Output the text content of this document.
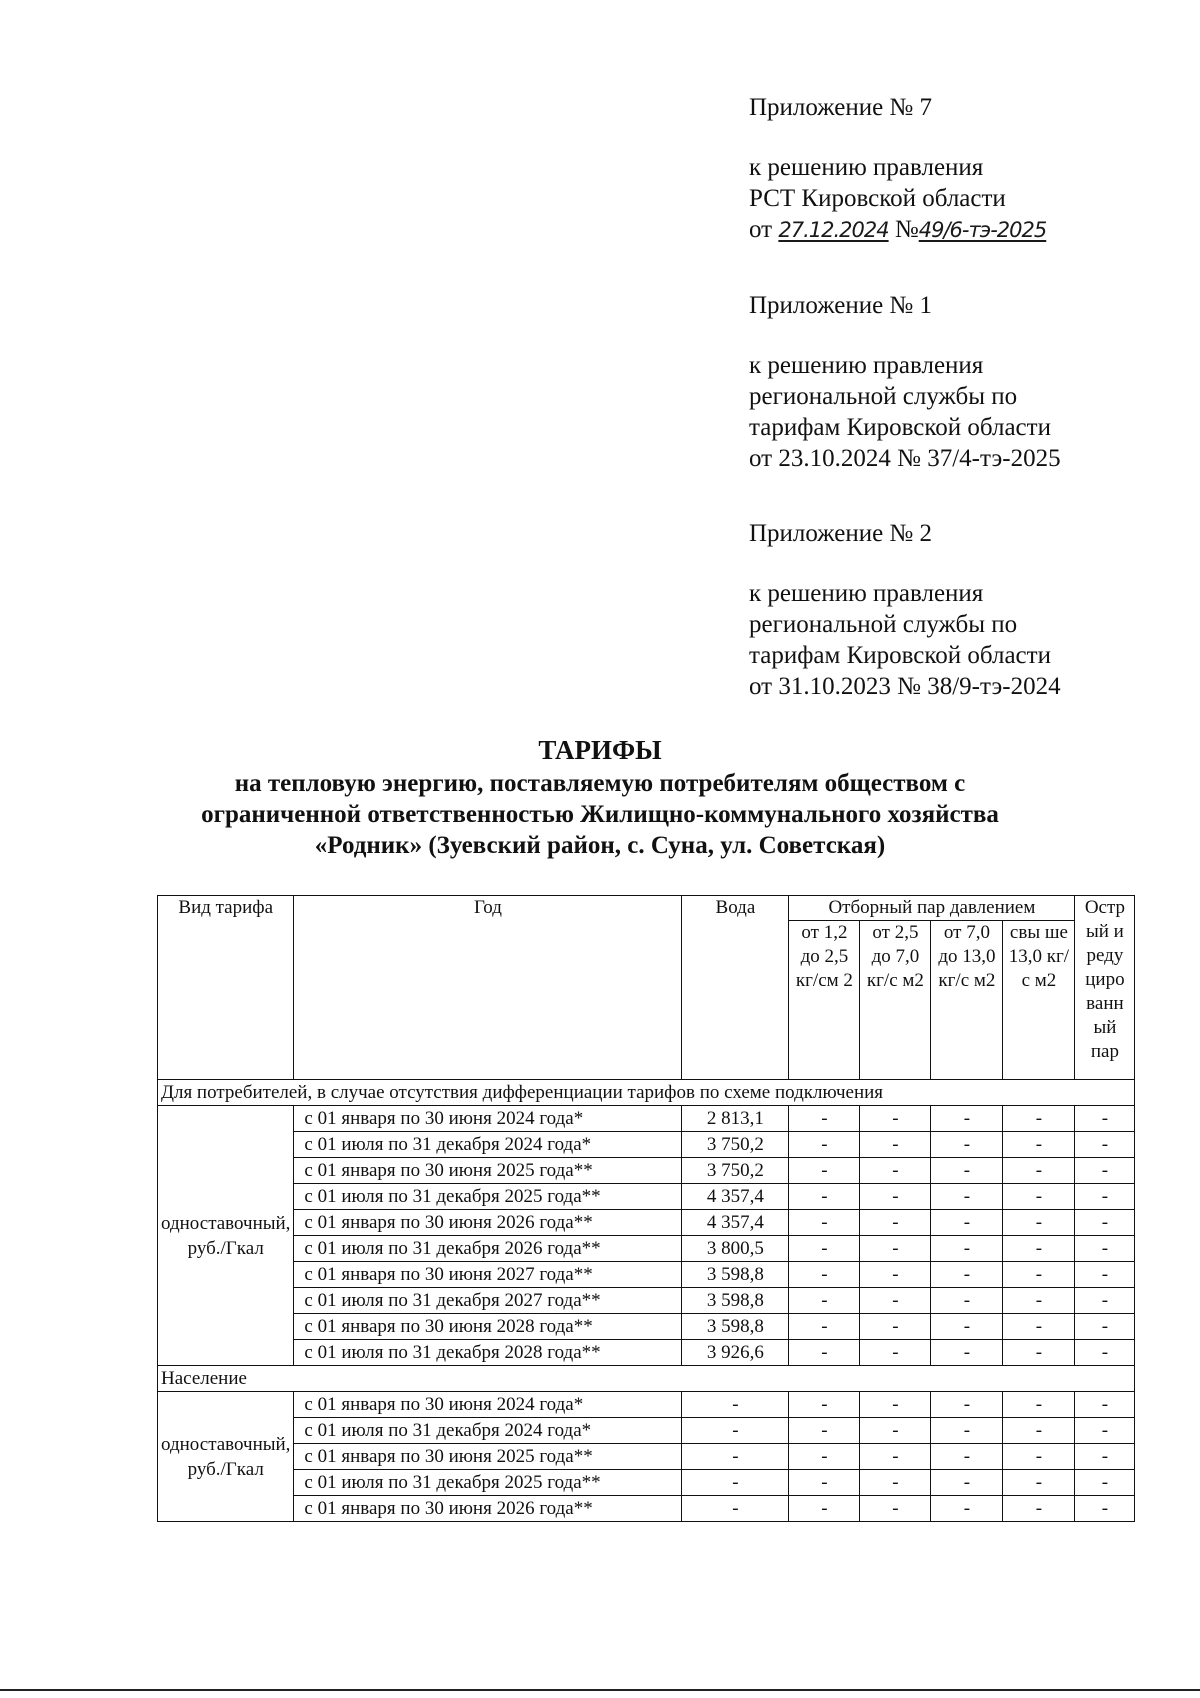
Приложение № 7

к решению правления

РСТ Кировской области

от 27.12.2024 №49/6-тэ-2025

Приложение № 1

к решению правления

региональной службы по

тарифам Кировской области

от 23.10.2024 № 37/4-тэ-2025

Приложение № 2

к решению правления

региональной службы по

тарифам Кировской области

от 31.10.2023 № 38/9-тэ-2024

ТАРИФЫ
на тепловую энергию, поставляемую потребителям обществом с
ограниченной ответственностью Жилищно-коммунального хозяйства
«Родник» (Зуевский район, с. Суна, ул. Советская)
Вид тарифа	Год	Вода	Отборный пар давлением				Остр ый и реду циро ванн ый пар
			от 1,2 до 2,5 кг/см 2	от 2,5 до 7,0 кг/с м2	от 7,0 до 13,0 кг/с м2	свы ше 13,0 кг/с м2	
Для потребителей, в случае отсутствия дифференциации тарифов по схеме подключения							
одноставочный, руб./Гкал	с 01 января по 30 июня 2024 года*	2 813,1	-	-	-	-	-
	с 01 июля по 31 декабря 2024 года*	3 750,2	-	-	-	-	-
	с 01 января по 30 июня 2025 года**	3 750,2	-	-	-	-	-
	с 01 июля по 31 декабря 2025 года**	4 357,4	-	-	-	-	-
	с 01 января по 30 июня 2026 года**	4 357,4	-	-	-	-	-
	с 01 июля по 31 декабря 2026 года**	3 800,5	-	-	-	-	-
	с 01 января по 30 июня 2027 года**	3 598,8	-	-	-	-	-
	с 01 июля по 31 декабря 2027 года**	3 598,8	-	-	-	-	-
	с 01 января по 30 июня 2028 года**	3 598,8	-	-	-	-	-
	с 01 июля по 31 декабря 2028 года**	3 926,6	-	-	-	-	-
Население							
одноставочный, руб./Гкал	с 01 января по 30 июня 2024 года*	-	-	-	-	-	-
	с 01 июля по 31 декабря 2024 года*	-	-	-	-	-	-
	с 01 января по 30 июня 2025 года**	-	-	-	-	-	-
	с 01 июля по 31 декабря 2025 года**	-	-	-	-	-	-
	с 01 января по 30 июня 2026 года**	-	-	-	-	-	-
